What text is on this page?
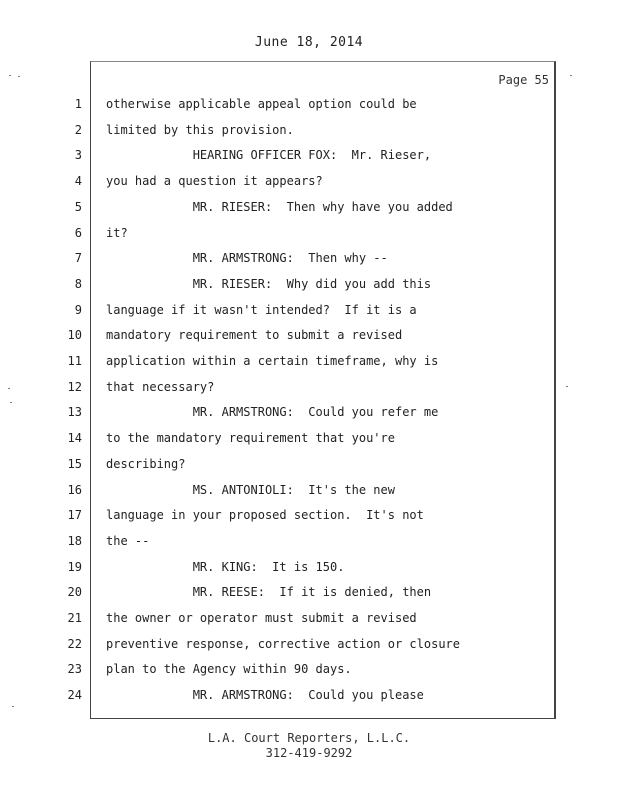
June 18, 2014
Page 55
1 otherwise applicable appeal option could be
2 limited by this provision.
3 HEARING OFFICER FOX:  Mr. Rieser,
4 you had a question it appears?
5 MR. RIESER:  Then why have you added
6 it?
7 MR. ARMSTRONG:  Then why --
8 MR. RIESER:  Why did you add this
9 language if it wasn't intended?  If it is a
10 mandatory requirement to submit a revised
11 application within a certain timeframe, why is
12 that necessary?
13 MR. ARMSTRONG:  Could you refer me
14 to the mandatory requirement that you're
15 describing?
16 MS. ANTONIOLI:  It's the new
17 language in your proposed section.  It's not
18 the --
19 MR. KING:  It is 150.
20 MR. REESE:  If it is denied, then
21 the owner or operator must submit a revised
22 preventive response, corrective action or closure
23 plan to the Agency within 90 days.
24 MR. ARMSTRONG:  Could you please
L.A. Court Reporters, L.L.C.
312-419-9292
